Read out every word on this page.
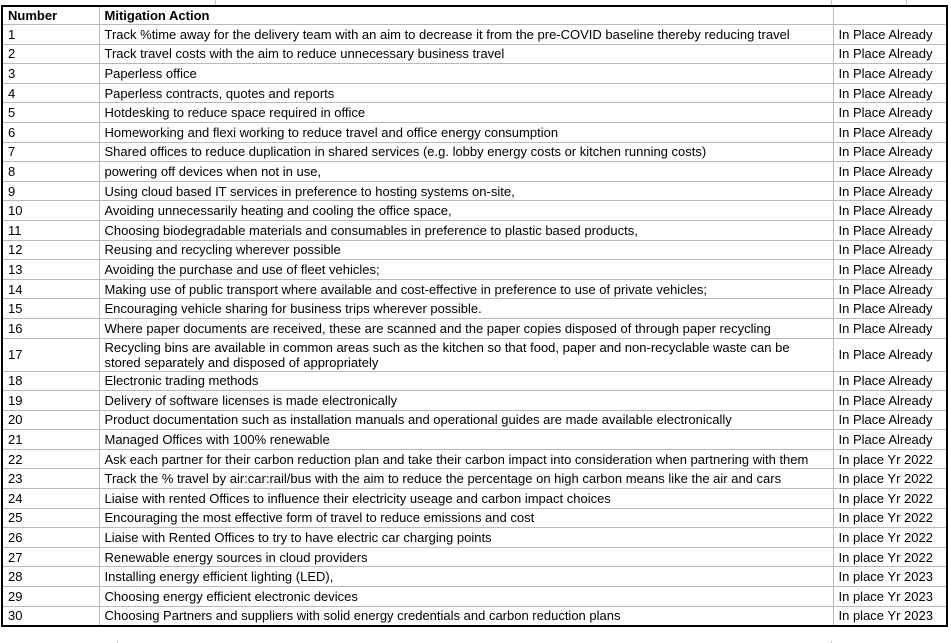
Number	Mitigation Action	
1	Track %time away for the delivery team with an aim to decrease it from the pre-COVID baseline thereby reducing travel	In Place Already
2	Track travel costs with the aim to reduce unnecessary business travel	In Place Already
3	Paperless office	In Place Already
4	Paperless contracts, quotes and reports	In Place Already
5	Hotdesking to reduce space required in office	In Place Already
6	Homeworking and flexi working to reduce travel and office energy consumption	In Place Already
7	Shared offices to reduce duplication in shared services (e.g. lobby energy costs or kitchen running costs)	In Place Already
8	powering off devices when not in use,	In Place Already
9	Using cloud based IT services in preference to hosting systems on-site,	In Place Already
10	Avoiding unnecessarily heating and cooling the office space,	In Place Already
11	Choosing biodegradable materials and consumables in preference to plastic based products,	In Place Already
12	Reusing and recycling wherever possible	In Place Already
13	Avoiding the purchase and use of fleet vehicles;	In Place Already
14	Making use of public transport where available and cost-effective in preference to use of private vehicles;	In Place Already
15	Encouraging vehicle sharing for business trips wherever possible.	In Place Already
16	Where paper documents are received, these are scanned and the paper copies disposed of through paper recycling	In Place Already
17	Recycling bins are available in common areas such as the kitchen so that food, paper and non-recyclable waste can be stored separately and disposed of appropriately	In Place Already
18	Electronic trading methods	In Place Already
19	Delivery of software licenses is made electronically	In Place Already
20	Product documentation such as installation manuals and operational guides are made available electronically	In Place Already
21	Managed Offices with 100% renewable	In Place Already
22	Ask each partner for their carbon reduction plan and take their carbon impact into consideration when partnering with them	In place Yr 2022
23	Track the % travel by air:car:rail/bus with the aim to reduce the percentage on high carbon means like the air and cars	In place Yr 2022
24	Liaise with rented Offices to influence their electricity useage and carbon impact choices	In place Yr 2022
25	Encouraging the most effective form of travel to reduce emissions and cost	In place Yr 2022
26	Liaise with Rented Offices to try to have electric car charging points	In place Yr 2022
27	Renewable energy sources in cloud providers	In place Yr 2022
28	Installing energy efficient lighting (LED),	In place Yr 2023
29	Choosing energy efficient electronic devices	In place Yr 2023
30	Choosing Partners and suppliers with solid energy credentials and carbon reduction plans	In place Yr 2023
